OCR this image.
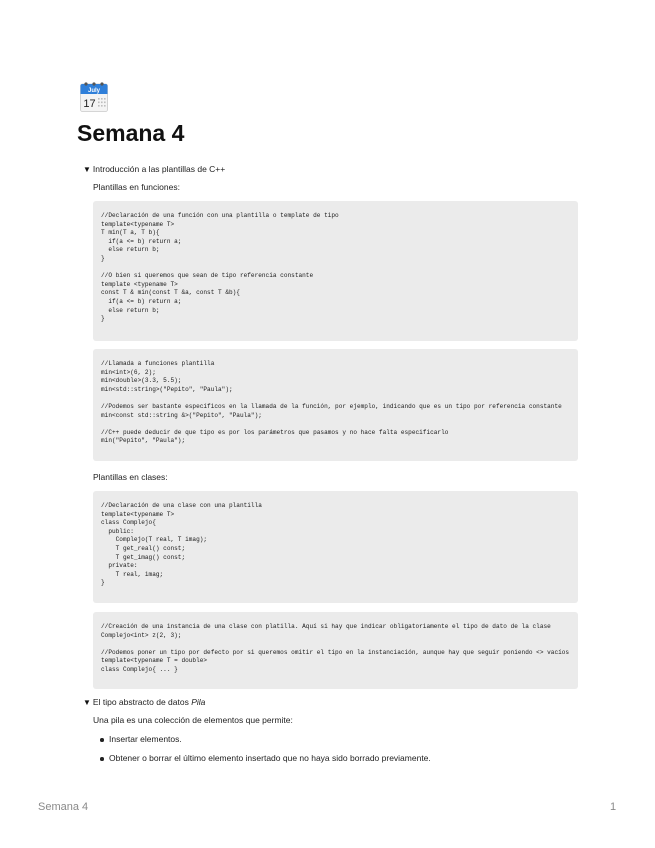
July
17
Semana 4
▼ Introducción a las plantillas de C++
Plantillas en funciones:
//Declaración de una función con una plantilla o template de tipo
template<typename T>
T min(T a, T b){
if(a <= b) return a;
else return b;
}
//O bien si queremos que sean de tipo referencia constante
template <typename T>
const T & min(const T &a, const T &b){
if(a <= b) return a;
else return b;
}
//Llamada a funciones plantilla
min<int>(6, 2);
min<double>(3.3, 5.5);
min<std::string>("Pepito", "Paula");
//Podemos ser bastante específicos en la llamada de la función, por ejemplo, indicando que es un tipo por referencia constante
min<const std::string &>("Pepito", "Paula");
//C++ puede deducir de que tipo es por los parámetros que pasamos y no hace falta especificarlo
min("Pepito", "Paula");
Plantillas en clases:
//Declaración de una clase con una plantilla
template<typename T>
class Complejo{
public:
Complejo(T real, T imag);
T get_real() const;
T get_imag() const;
private:
T real, imag;
}
//Creación de una instancia de una clase con platilla. Aquí si hay que indicar obligatoriamente el tipo de dato de la clase
Complejo<int> z(2, 3);
//Podemos poner un tipo por defecto por si queremos omitir el tipo en la instanciación, aunque hay que seguir poniendo <> vacíos
template<typename T = double>
class Complejo{ ... }
▼ El tipo abstracto de datos Pila
Una pila es una colección de elementos que permite:
Insertar elementos.
Obtener o borrar el último elemento insertado que no haya sido borrado previamente.
Semana 4	1
